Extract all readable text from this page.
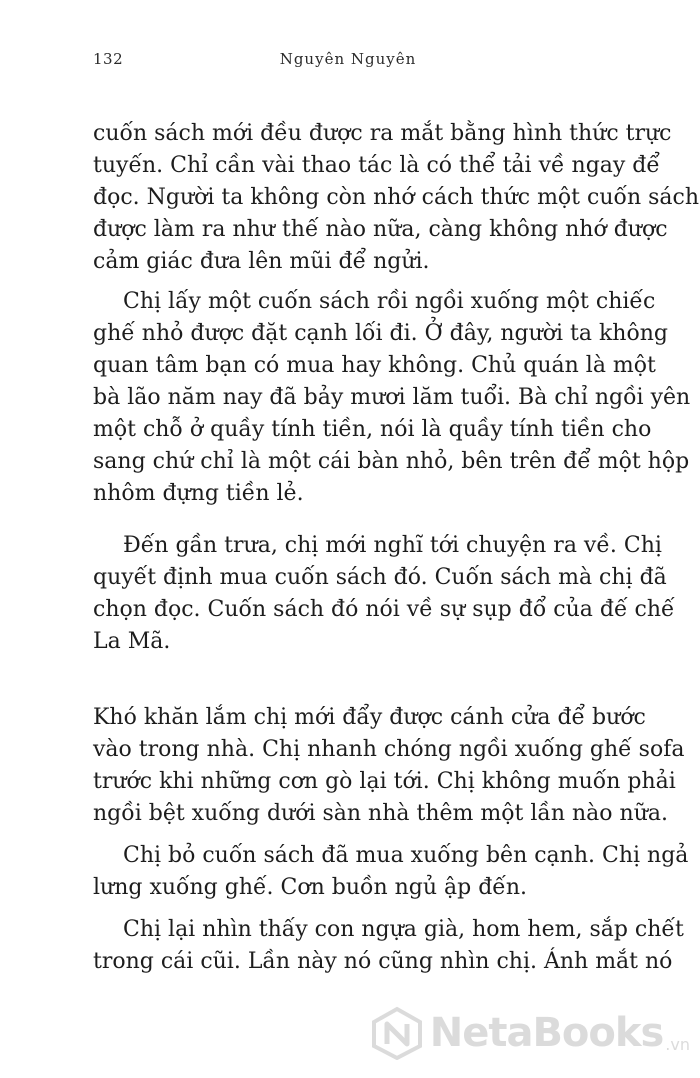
132	Nguyên Nguyên
cuốn sách mới đều được ra mắt bằng hình thức trực
tuyến. Chỉ cần vài thao tác là có thể tải về ngay để
đọc. Người ta không còn nhớ cách thức một cuốn sách
được làm ra như thế nào nữa, càng không nhớ được
cảm giác đưa lên mũi để ngửi.
Chị lấy một cuốn sách rồi ngồi xuống một chiếc
ghế nhỏ được đặt cạnh lối đi. Ở đây, người ta không
quan tâm bạn có mua hay không. Chủ quán là một
bà lão năm nay đã bảy mươi lăm tuổi. Bà chỉ ngồi yên
một chỗ ở quầy tính tiền, nói là quầy tính tiền cho
sang chứ chỉ là một cái bàn nhỏ, bên trên để một hộp
nhôm đựng tiền lẻ.
Đến gần trưa, chị mới nghĩ tới chuyện ra về. Chị
quyết định mua cuốn sách đó. Cuốn sách mà chị đã
chọn đọc. Cuốn sách đó nói về sự sụp đổ của đế chế
La Mã.
Khó khăn lắm chị mới đẩy được cánh cửa để bước
vào trong nhà. Chị nhanh chóng ngồi xuống ghế sofa
trước khi những cơn gò lại tới. Chị không muốn phải
ngồi bệt xuống dưới sàn nhà thêm một lần nào nữa.
Chị bỏ cuốn sách đã mua xuống bên cạnh. Chị ngả
lưng xuống ghế. Cơn buồn ngủ ập đến.
Chị lại nhìn thấy con ngựa già, hom hem, sắp chết
trong cái cũi. Lần này nó cũng nhìn chị. Ánh mắt nó
NetaBooks .vn
